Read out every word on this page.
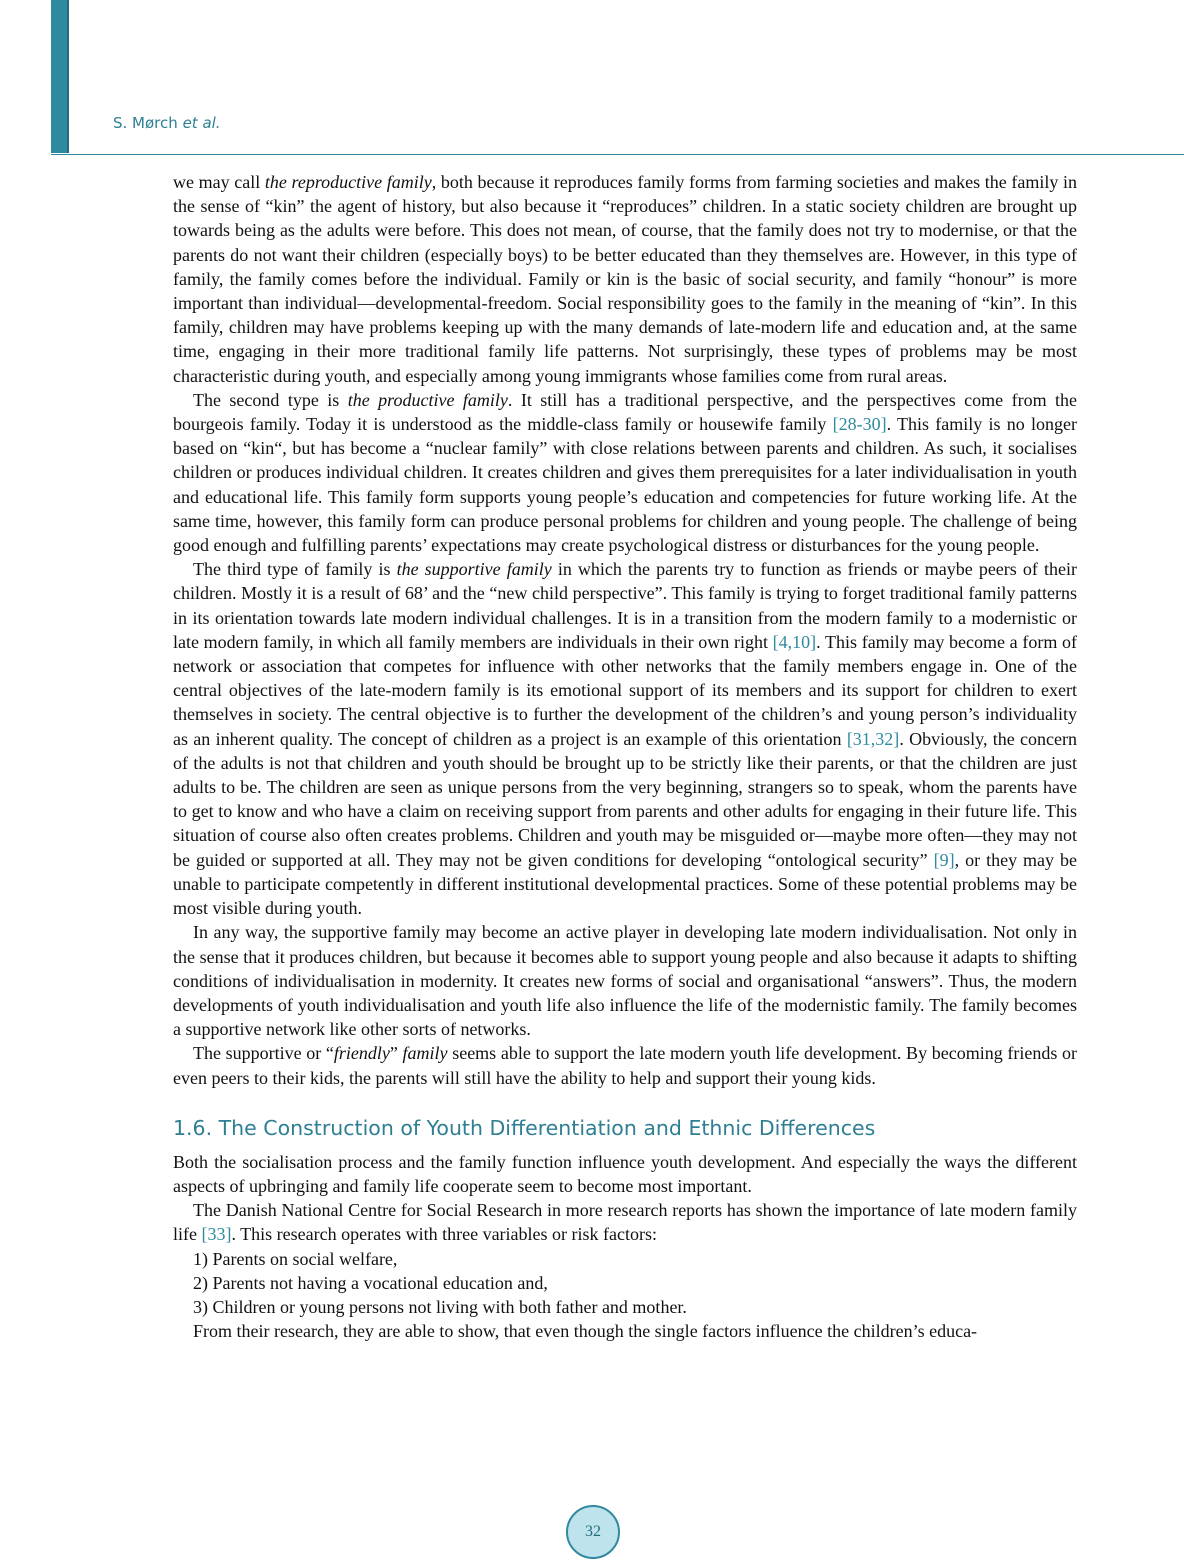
S. Mørch et al.

we may call the reproductive family, both because it reproduces family forms from farming societies and makes the family in the sense of “kin” the agent of history, but also because it “reproduces” children. In a static society children are brought up towards being as the adults were before. This does not mean, of course, that the family does not try to modernise, or that the parents do not want their children (especially boys) to be better educated than they themselves are. However, in this type of family, the family comes before the individual. Family or kin is the basic of social security, and family “honour” is more important than individual—developmental-freedom. Social responsibility goes to the family in the meaning of “kin”. In this family, children may have problems keeping up with the many demands of late-modern life and education and, at the same time, engaging in their more traditional family life patterns. Not surprisingly, these types of problems may be most characteristic during youth, and especially among young immigrants whose families come from rural areas.

The second type is the productive family. It still has a traditional perspective, and the perspectives come from the bourgeois family. Today it is understood as the middle-class family or housewife family [28-30]. This family is no longer based on “kin“, but has become a “nuclear family” with close relations between parents and children. As such, it socialises children or produces individual children. It creates children and gives them prerequisites for a later individualisation in youth and educational life. This family form supports young people’s education and competencies for future working life. At the same time, however, this family form can produce personal problems for children and young people. The challenge of being good enough and fulfilling parents’ expectations may create psychological distress or disturbances for the young people.

The third type of family is the supportive family in which the parents try to function as friends or maybe peers of their children. Mostly it is a result of 68’ and the “new child perspective”. This family is trying to forget traditional family patterns in its orientation towards late modern individual challenges. It is in a transition from the modern family to a modernistic or late modern family, in which all family members are individuals in their own right [4,10]. This family may become a form of network or association that competes for influence with other networks that the family members engage in. One of the central objectives of the late-modern family is its emotional support of its members and its support for children to exert themselves in society. The central objective is to further the development of the children’s and young person’s individuality as an inherent quality. The concept of children as a project is an example of this orientation [31,32]. Obviously, the concern of the adults is not that children and youth should be brought up to be strictly like their parents, or that the children are just adults to be. The children are seen as unique persons from the very beginning, strangers so to speak, whom the parents have to get to know and who have a claim on receiving support from parents and other adults for engaging in their future life. This situation of course also often creates problems. Children and youth may be misguided or—maybe more often—they may not be guided or supported at all. They may not be given conditions for developing “ontological security” [9], or they may be unable to participate competently in different institutional developmental practices. Some of these potential problems may be most visible during youth.

In any way, the supportive family may become an active player in developing late modern individualisation. Not only in the sense that it produces children, but because it becomes able to support young people and also because it adapts to shifting conditions of individualisation in modernity. It creates new forms of social and organisational “answers”. Thus, the modern developments of youth individualisation and youth life also influence the life of the modernistic family. The family becomes a supportive network like other sorts of networks.

The supportive or “friendly” family seems able to support the late modern youth life development. By becoming friends or even peers to their kids, the parents will still have the ability to help and support their young kids.

1.6. The Construction of Youth Differentiation and Ethnic Differences

Both the socialisation process and the family function influence youth development. And especially the ways the different aspects of upbringing and family life cooperate seem to become most important.

The Danish National Centre for Social Research in more research reports has shown the importance of late modern family life [33]. This research operates with three variables or risk factors:

1) Parents on social welfare,

2) Parents not having a vocational education and,

3) Children or young persons not living with both father and mother.

From their research, they are able to show, that even though the single factors influence the children’s educa-

32
